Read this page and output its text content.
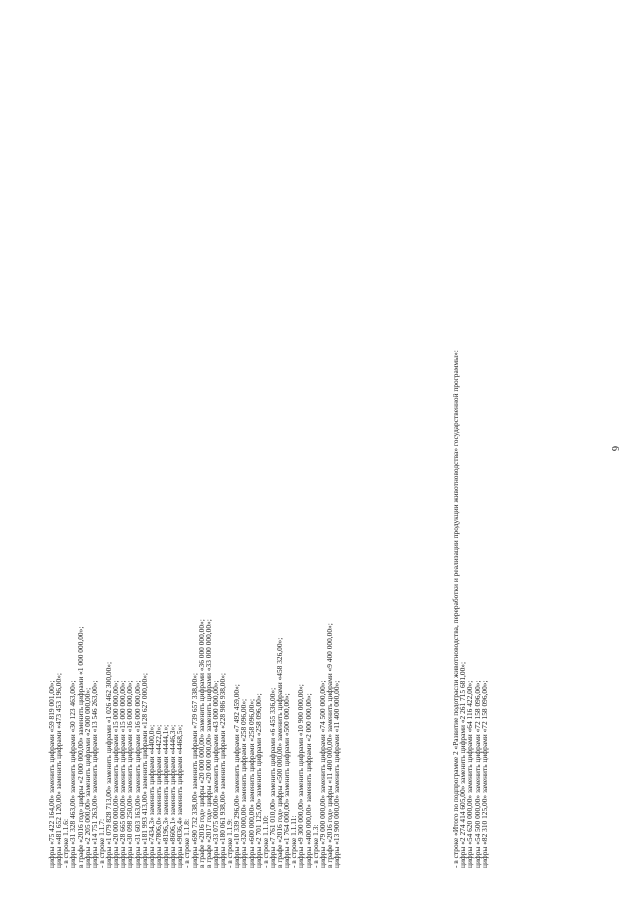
6
цифры «75 422 164,00» заменить цифрами «59 819 001,00»;
цифры «481 652 120,00» заменить цифрами «473 453 196,00»;
- в строке 1.1.6:
цифры «31 328 463,00» заменить цифрами «30 123 463,00»;
в графе «2016 год» цифры «2 000 000,00» заменить цифрами «1 000 000,00»;
цифры «2 205 000,00» заменить цифрами «2 000 000,00»;
цифры «14 751 263,00» заменить цифрами «13 546 263,00»;
- в строке 1.1.7:
цифры «1 079 828 713,00» заменить цифрами «1 026 462 300,00»;
цифры «20 000 000,00» заменить цифрами «15 000 000,00»;
цифры «28 665 000,00» заменить цифрами «15 000 000,00»;
цифры «30 098 250,00» заменить цифрами «16 000 000,00»;
цифры «31 603 163,00» заменить цифрами «16 000 000,00»;
цифры «181 993 413,00» заменить цифрами «128 627 000,00»;
цифры «7434,3» заменить цифрами «4400,0»;
цифры «7806,0» заменить цифрами «4422,0»;
цифры «8196,3» заменить цифрами «4444,1»;
цифры «8606,1» заменить цифрами «4446,3»;
цифры «9036,4» заменить цифрами «4468,5»;
- в строке 1.1.8:
цифры «690 732 338,00» заменить цифрами «739 657 338,00»;
в графе «2016 год» цифры «20 000 000,00» заменить цифрами «36 000 000,00»;
в графе «2017 год» цифры «20 000 000,00» заменить цифрами «33 000 000,00»;
цифры «33 075 000,00» заменить цифрами «43 000 000,00»;
цифры «180 061 938,00» заменить цифрами «228 986 938,00»;
- в строке 1.1.9:
цифры «10 339 296,00» заменить цифрами «7 492 459,00»;
цифры «320 000,00» заменить цифрами «258 096,00»;
цифры «600 000,00» заменить цифрами «258 096,00»;
цифры «2 701 125,00» заменить цифрами «258 096,00»;
- в строке 1.1.10:
цифры «7 761 010,00» заменить цифрами «6 455 336,00»;
в графе «2016 год» цифры «500 000,00» заменить цифрами «458 326,00»;
цифры «1 764 000,00» заменить цифрами «500 000,00»;
- в строке 1.1.11:
цифры «9 300 000,00» заменить цифрами «10 900 000,00»;
цифры «400 000,00» заменить цифрами «2 000 000,00»;
- в строке 1.3:
цифры «79 000 000,00» заменить цифрами «74 500 000,00»;
в графе «2016 год» цифры «11 400 000,00» заменить цифрами «9 400 000,00»;
цифры «13 900 000,00» заменить цифрами «11 400 000,00»;	- в строке «Итого по подпрограмме 2 «Развитие подотрасли животноводства, переработки и реализации продукции животноводства» государственной программы»:
цифры «2 274 414 605,00» заменить цифрами «2 261 715 681,00»;
цифры «54 620 000,00» заменить цифрами «64 116 422,00»;
цифры «54 500 000,00» заменить цифрами «72 158 096,00»;
цифры «82 310 125,00» заменить цифрами «72 158 096,00»;
